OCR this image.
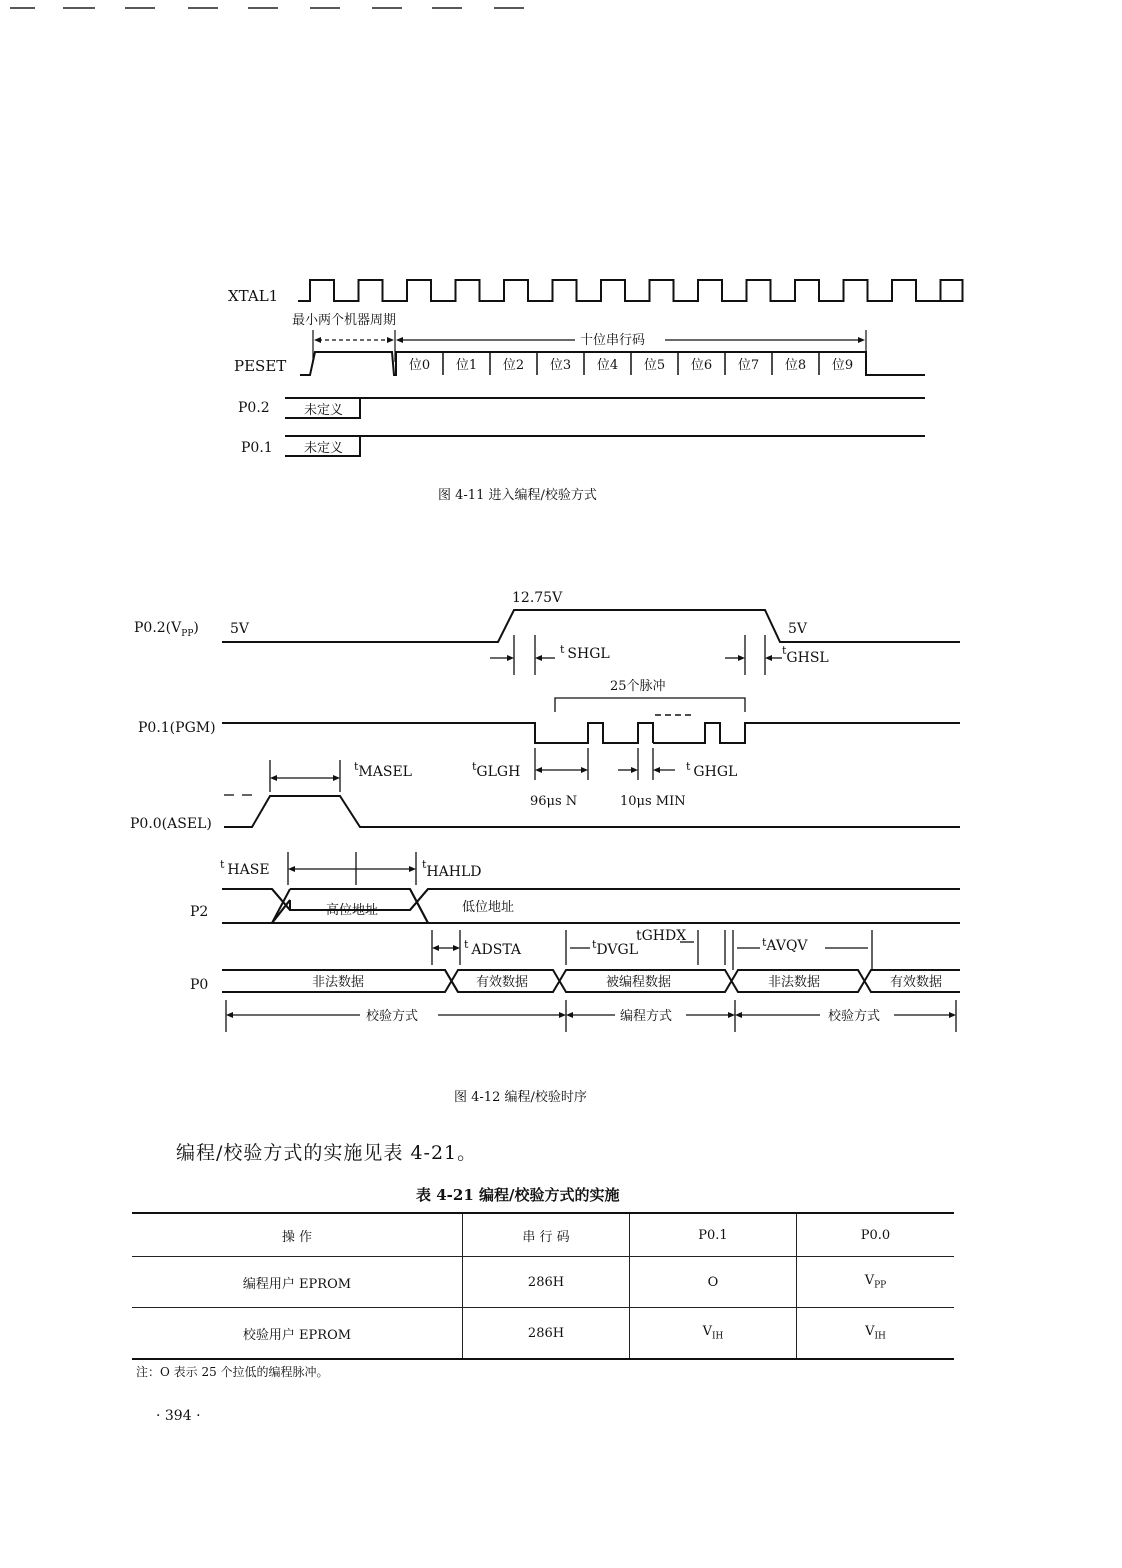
XTAL1
PESET
P0.2
P0.1
最小两个机器周期
十位串行码
未定义
未定义
位0 位1 位2 位3 位4 位5 位6 位7 位8 位9
图 4-11 进入编程/校验方式
$P0.2(V_{PP})$
P0.1(PGM)
P0.0(ASEL)
P2
P0
5V
12.75V
5V
$^t$ SHGL	$^t$GHSL
25个脉冲
$^t$GLGH	$^t$ GHGL
$^t$MASEL
96μs N	10μs MIN
$^t$ HASE	$^t$HAHLD
高位地址	低位地址
$^t$ ADSTA	$^t$DVGL
tGHDX	$^t$AVQV
非法数据	有效数据	被编程数据	非法数据	有效数据
校验方式	编程方式	校验方式
图 4-12 编程/校验时序
编程/校验方式的实施见表 4-21。
表 4-21 编程/校验方式的实施
操 作	串 行 码	P0.1	P0.0
编程用户 EPROM	286H	O	$V_{PP}$
校验用户 EPROM	286H	$V_{IH}$	$V_{IH}$
注：O 表示 25 个拉低的编程脉冲。
· 394 ·
